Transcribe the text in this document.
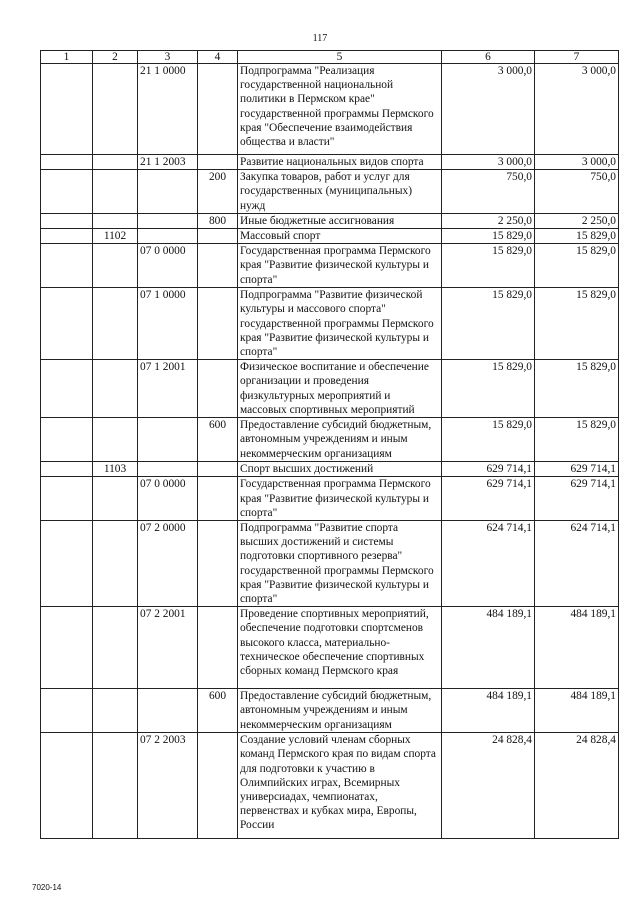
117
1	2	3	4	5	6	7
		21 1 0000		Подпрограмма "Реализация государственной национальной политики в Пермском крае" государственной программы Пермского края "Обеспечение взаимодействия общества и власти"	3 000,0	3 000,0
		21 1 2003		Развитие национальных видов спорта	3 000,0	3 000,0
			200	Закупка товаров, работ и услуг для государственных (муниципальных) нужд	750,0	750,0
			800	Иные бюджетные ассигнования	2 250,0	2 250,0
	1102			Массовый спорт	15 829,0	15 829,0
		07 0 0000		Государственная программа Пермского края "Развитие физической культуры и спорта"	15 829,0	15 829,0
		07 1 0000		Подпрограмма "Развитие физической культуры и массового спорта" государственной программы Пермского края "Развитие физической культуры и спорта"	15 829,0	15 829,0
		07 1 2001		Физическое воспитание и обеспечение организации и проведения физкультурных мероприятий и массовых спортивных мероприятий	15 829,0	15 829,0
			600	Предоставление субсидий бюджетным, автономным учреждениям и иным некоммерческим организациям	15 829,0	15 829,0
	1103			Спорт высших достижений	629 714,1	629 714,1
		07 0 0000		Государственная программа Пермского края "Развитие физической культуры и спорта"	629 714,1	629 714,1
		07 2 0000		Подпрограмма "Развитие спорта высших достижений и системы подготовки спортивного резерва" государственной программы Пермского края "Развитие физической культуры и спорта"	624 714,1	624 714,1
		07 2 2001		Проведение спортивных мероприятий, обеспечение подготовки спортсменов высокого класса, материально-техническое обеспечение спортивных сборных команд Пермского края	484 189,1	484 189,1
			600	Предоставление субсидий бюджетным, автономным учреждениям и иным некоммерческим организациям	484 189,1	484 189,1
		07 2 2003		Создание условий членам сборных команд Пермского края по видам спорта для подготовки к участию в Олимпийских играх, Всемирных универсиадах, чемпионатах, первенствах и кубках мира, Европы, России	24 828,4	24 828,4
7020-14
